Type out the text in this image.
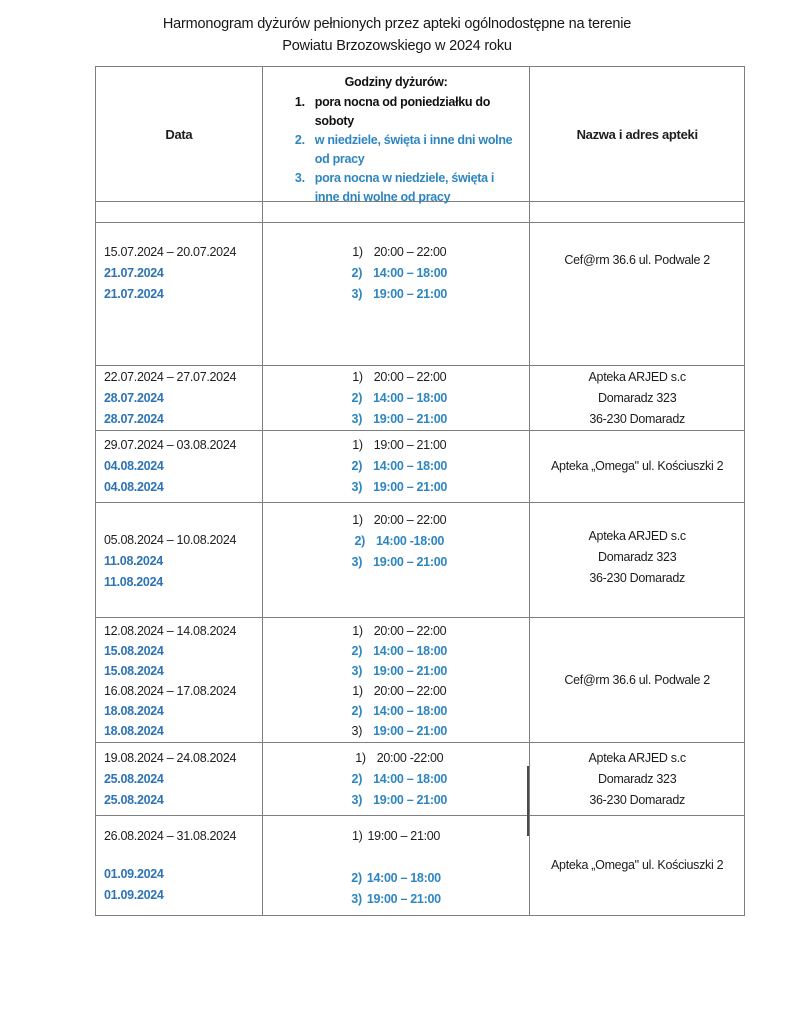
Harmonogram dyżurów pełnionych przez apteki ogólnodostępne na terenie
Powiatu Brzozowskiego w 2024 roku
Data
Godziny dyżurów:
1. pora nocna od poniedziałku do soboty
2. w niedziele, święta i inne dni wolne od pracy
3. pora nocna w niedziele, święta i inne dni wolne od pracy
Nazwa i adres apteki
15.07.2024 – 20.07.2024
21.07.2024
21.07.2024
1) 20:00 – 22:00
2) 14:00 – 18:00
3) 19:00 – 21:00
Cef@rm 36.6 ul. Podwale 2
22.07.2024 – 27.07.2024
28.07.2024
28.07.2024
1) 20:00 – 22:00
2) 14:00 – 18:00
3) 19:00 – 21:00
Apteka ARJED s.c
Domaradz 323
36-230 Domaradz
29.07.2024 – 03.08.2024
04.08.2024
04.08.2024
1) 19:00 – 21:00
2) 14:00 – 18:00
3) 19:00 – 21:00
Apteka „Omega" ul. Kościuszki 2
05.08.2024 – 10.08.2024
11.08.2024
11.08.2024
1) 20:00 – 22:00
2) 14:00 -18:00
3) 19:00 – 21:00
Apteka ARJED s.c
Domaradz 323
36-230 Domaradz
12.08.2024 – 14.08.2024
15.08.2024
15.08.2024
16.08.2024 – 17.08.2024
18.08.2024
18.08.2024
1) 20:00 – 22:00
2) 14:00 – 18:00
3) 19:00 – 21:00
1) 20:00 – 22:00
2) 14:00 – 18:00
3) 19:00 – 21:00
Cef@rm 36.6 ul. Podwale 2
19.08.2024 – 24.08.2024
25.08.2024
25.08.2024
1) 20:00 -22:00
2) 14:00 – 18:00
3) 19:00 – 21:00
Apteka ARJED s.c
Domaradz 323
36-230 Domaradz
26.08.2024 – 31.08.2024
01.09.2024
01.09.2024
1) 19:00 – 21:00
2) 14:00 – 18:00
3) 19:00 – 21:00
Apteka „Omega" ul. Kościuszki 2
